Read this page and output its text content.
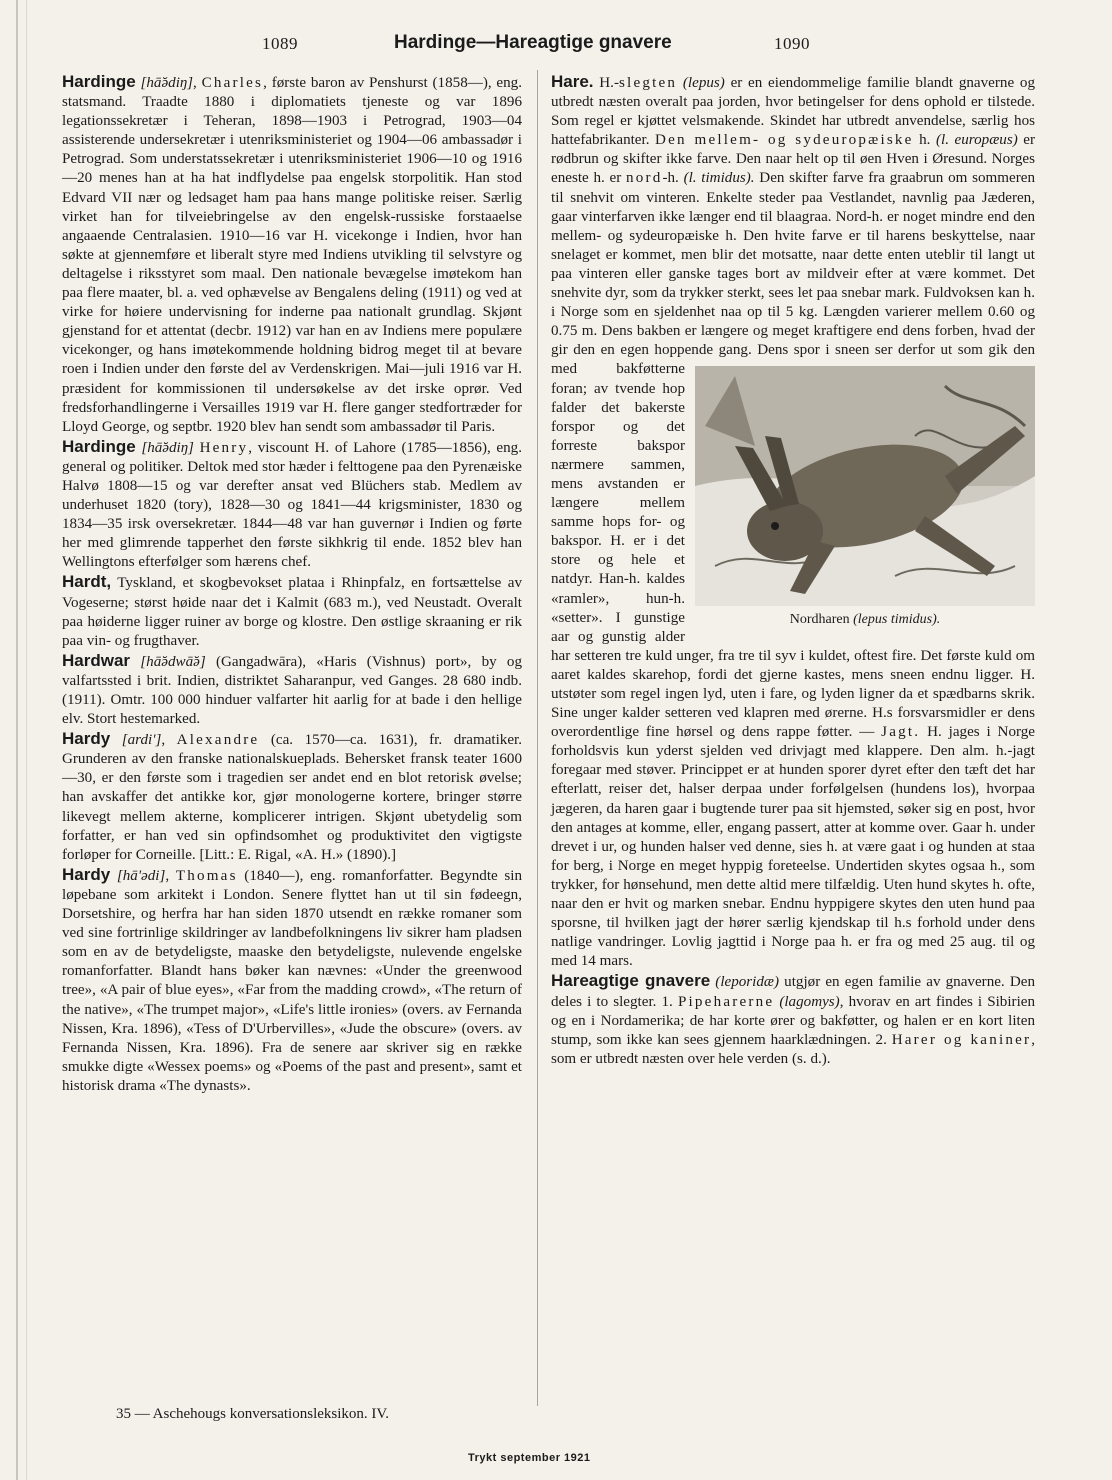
1089	Hardinge—Hareagtige gnavere	1090

Hardinge [hā̆ədiŋ], Charles, første baron av Penshurst (1858—), eng. statsmand. Traadte 1880 i diplomatiets tjeneste og var 1896 legationssekretær i Teheran, 1898—1903 i Petrograd, 1903—04 assisterende undersekretær i utenriksministeriet og 1904—06 ambassadør i Petrograd. Som understatssekretær i utenriksministeriet 1906—10 og 1916—20 menes han at ha hat indflydelse paa engelsk storpolitik. Han stod Edvard VII nær og ledsaget ham paa hans mange politiske reiser. Særlig virket han for tilveiebringelse av den engelsk-russiske forstaaelse angaaende Centralasien. 1910—16 var H. vicekonge i Indien, hvor han søkte at gjennemføre et liberalt styre med Indiens utvikling til selvstyre og deltagelse i riksstyret som maal. Den nationale bevægelse imøtekom han paa flere maater, bl. a. ved ophævelse av Bengalens deling (1911) og ved at virke for høiere undervisning for inderne paa nationalt grundlag. Skjønt gjenstand for et attentat (decbr. 1912) var han en av Indiens mere populære vicekonger, og hans imøtekommende holdning bidrog meget til at bevare roen i Indien under den første del av Verdenskrigen. Mai—juli 1916 var H. præsident for kommissionen til undersøkelse av det irske oprør. Ved fredsforhandlingerne i Versailles 1919 var H. flere ganger stedfortræder for Lloyd George, og septbr. 1920 blev han sendt som ambassadør til Paris.

Hardinge [hā̆ədiŋ] Henry, viscount H. of Lahore (1785—1856), eng. general og politiker. Deltok med stor hæder i felttogene paa den Pyrenæiske Halvø 1808—15 og var derefter ansat ved Blüchers stab. Medlem av underhuset 1820 (tory), 1828—30 og 1841—44 krigsminister, 1830 og 1834—35 irsk oversekretær. 1844—48 var han guvernør i Indien og førte her med glimrende tapperhet den første sikhkrig til ende. 1852 blev han Wellingtons efterfølger som hærens chef.

Hardt, Tyskland, et skogbevokset plataa i Rhinpfalz, en fortsættelse av Vogeserne; størst høide naar det i Kalmit (683 m.), ved Neustadt. Overalt paa høiderne ligger ruiner av borge og klostre. Den østlige skraaning er rik paa vin- og frugthaver.

Hardwar [hā̆ədwā̆ə] (Gangadwāra), «Haris (Vishnus) port», by og valfartssted i brit. Indien, distriktet Saharanpur, ved Ganges. 28 680 indb. (1911). Omtr. 100 000 hinduer valfarter hit aarlig for at bade i den hellige elv. Stort hestemarked.

Hardy [ardi'], Alexandre (ca. 1570—ca. 1631), fr. dramatiker. Grunderen av den franske nationalskueplads. Behersket fransk teater 1600—30, er den første som i tragedien ser andet end en blot retorisk øvelse; han avskaffer det antikke kor, gjør monologerne kortere, bringer større likevegt mellem akterne, komplicerer intrigen. Skjønt ubetydelig som forfatter, er han ved sin opfindsomhet og produktivitet den vigtigste forløper for Corneille. [Litt.: E. Rigal, «A. H.» (1890).]

Hardy [hā'ədi], Thomas (1840—), eng. romanforfatter. Begyndte sin løpebane som arkitekt i London. Senere flyttet han ut til sin fødeegn, Dorsetshire, og herfra har han siden 1870 utsendt en række romaner som ved sine fortrinlige skildringer av landbefolkningens liv sikrer ham pladsen som en av de betydeligste, maaske den betydeligste, nulevende engelske romanforfatter. Blandt hans bøker kan nævnes: «Under the greenwood tree», «A pair of blue eyes», «Far from the madding crowd», «The return of the native», «The trumpet major», «Life's little ironies» (overs. av Fernanda Nissen, Kra. 1896), «Tess of D'Urbervilles», «Jude the obscure» (overs. av Fernanda Nissen, Kra. 1896). Fra de senere aar skriver sig en række smukke digte «Wessex poems» og «Poems of the past and present», samt et historisk drama «The dynasts».

Hare. H.-slegten (lepus) er en eiendommelige familie blandt gnaverne og utbredt næsten overalt paa jorden, hvor betingelser for dens ophold er tilstede. Som regel er kjøttet velsmakende. Skindet har utbredt anvendelse, særlig hos hattefabrikanter. Den mellem- og sydeuropæiske h. (l. europæus) er rødbrun og skifter ikke farve. Den naar helt op til øen Hven i Øresund. Norges eneste h. er nord-h. (l. timidus). Den skifter farve fra graabrun om sommeren til snehvit om vinteren. Enkelte steder paa Vestlandet, navnlig paa Jæderen, gaar vinterfarven ikke længer end til blaagraa. Nord-h. er noget mindre end den mellem- og sydeuropæiske h. Den hvite farve er til harens beskyttelse, naar snelaget er kommet, men blir det motsatte, naar dette enten uteblir til langt ut paa vinteren eller ganske tages bort av mildveir efter at være kommet. Det snehvite dyr, som da trykker sterkt, sees let paa snebar mark. Fuldvoksen kan h. i Norge som en sjeldenhet naa op til 5 kg. Længden varierer mellem 0.60 og 0.75 m. Dens bakben er længere og meget kraftigere end dens forben, hvad der gir den en egen hoppende gang.
Nordharen (lepus timidus).
Dens spor i sneen ser derfor ut som gik den med bakføtterne foran; av tvende hop falder det bakerste forspor og det forreste bakspor nærmere sammen, mens avstanden er længere mellem samme hops for- og bakspor. H. er i det store og hele et natdyr. Han-h. kaldes «ramler», hun-h. «setter». I gunstige aar og gunstig alder har setteren tre kuld unger, fra tre til syv i kuldet, oftest fire. Det første kuld om aaret kaldes skarehop, fordi det gjerne kastes, mens sneen endnu ligger. H. utstøter som regel ingen lyd, uten i fare, og lyden ligner da et spædbarns skrik. Sine unger kalder setteren ved klapren med ørerne. H.s forsvarsmidler er dens overordentlige fine hørsel og dens rappe føtter. — Jagt. H. jages i Norge forholdsvis kun yderst sjelden ved drivjagt med klappere. Den alm. h.-jagt foregaar med støver. Princippet er at hunden sporer dyret efter den tæft det har efterlatt, reiser det, halser derpaa under forfølgelsen (hundens los), hvorpaa jægeren, da haren gaar i bugtende turer paa sit hjemsted, søker sig en post, hvor den antages at komme, eller, engang passert, atter at komme over. Gaar h. under drevet i ur, og hunden halser ved denne, sies h. at være gaat i og hunden at staa for berg, i Norge en meget hyppig foreteelse. Undertiden skytes ogsaa h., som trykker, for hønsehund, men dette altid mere tilfældig. Uten hund skytes h. ofte, naar den er hvit og marken snebar. Endnu hyppigere skytes den uten hund paa sporsne, til hvilken jagt der hører særlig kjendskap til h.s forhold under dens natlige vandringer. Lovlig jagttid i Norge paa h. er fra og med 25 aug. til og med 14 mars.

Hareagtige gnavere (leporidæ) utgjør en egen familie av gnaverne. Den deles i to slegter. 1. Pipeharerne (lagomys), hvorav en art findes i Sibirien og en i Nordamerika; de har korte ører og bakføtter, og halen er en kort liten stump, som ikke kan sees gjennem haarklædningen. 2. Harer og kaniner, som er utbredt næsten over hele verden (s. d.).

35 — Aschehougs konversationsleksikon. IV.
Trykt september 1921
